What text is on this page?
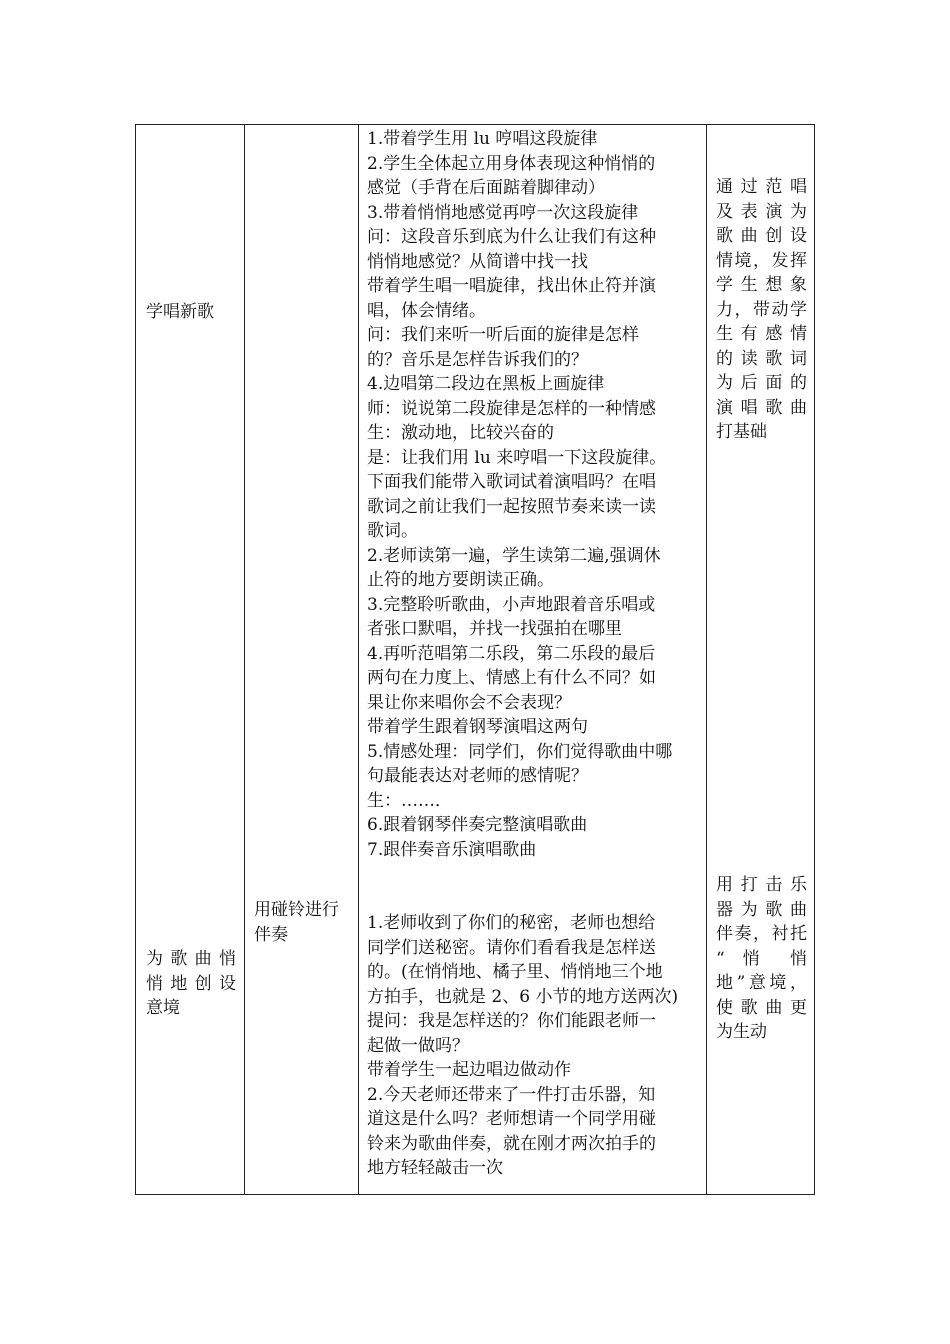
学唱新歌
为 歌 曲 悄
悄 地 创 设
意境
用碰铃进行
伴奏
1.带着学生用 lu 哼唱这段旋律
2.学生全体起立用身体表现这种悄悄的
感觉（手背在后面踮着脚律动）
3.带着悄悄地感觉再哼一次这段旋律
问：这段音乐到底为什么让我们有这种
悄悄地感觉？从简谱中找一找
带着学生唱一唱旋律，找出休止符并演
唱，体会情绪。
问：我们来听一听后面的旋律是怎样
的？音乐是怎样告诉我们的？
4.边唱第二段边在黑板上画旋律
师：说说第二段旋律是怎样的一种情感
生：激动地，比较兴奋的
是：让我们用 lu 来哼唱一下这段旋律。
下面我们能带入歌词试着演唱吗？在唱
歌词之前让我们一起按照节奏来读一读
歌词。
2.老师读第一遍，学生读第二遍,强调休
止符的地方要朗读正确。
3.完整聆听歌曲，小声地跟着音乐唱或
者张口默唱，并找一找强拍在哪里
4.再听范唱第二乐段，第二乐段的最后
两句在力度上、情感上有什么不同？如
果让你来唱你会不会表现？
带着学生跟着钢琴演唱这两句
5.情感处理：同学们，你们觉得歌曲中哪
句最能表达对老师的感情呢？
生：……．
6.跟着钢琴伴奏完整演唱歌曲
7.跟伴奏音乐演唱歌曲

1.老师收到了你们的秘密，老师也想给
同学们送秘密。请你们看看我是怎样送
的。(在悄悄地、橘子里、悄悄地三个地
方拍手，也就是 2、6 小节的地方送两次)
提问：我是怎样送的？你们能跟老师一
起做一做吗？
带着学生一起边唱边做动作
2.今天老师还带来了一件打击乐器，知
道这是什么吗？老师想请一个同学用碰
铃来为歌曲伴奏，就在刚才两次拍手的
地方轻轻敲击一次
通 过 范 唱
及 表 演 为
歌 曲 创 设
情境，发挥
学 生 想 象
力，带动学
生 有 感 情
的 读 歌 词
为 后 面 的
演 唱 歌 曲
打基础
用 打 击 乐
器 为 歌 曲
伴奏，衬托
“ 悄 悄
地”意境，
使 歌 曲 更
为生动
